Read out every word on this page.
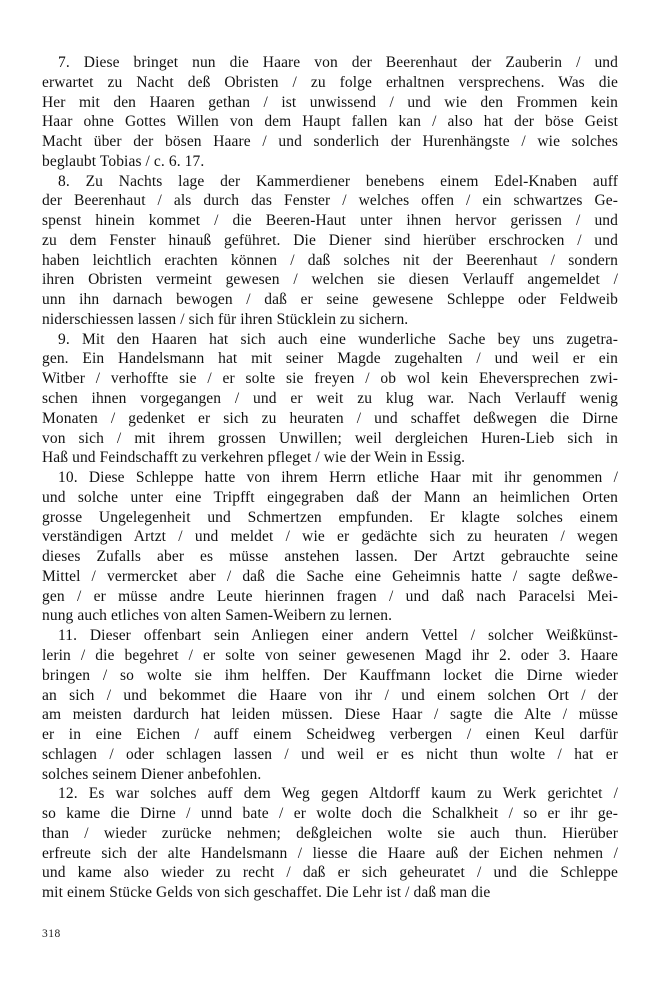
7. Diese bringet nun die Haare von der Beerenhaut der Zauberin / und
erwartet zu Nacht deß Obristen / zu folge erhaltnen versprechens. Was die
Her mit den Haaren gethan / ist unwissend / und wie den Frommen kein
Haar ohne Gottes Willen von dem Haupt fallen kan / also hat der böse Geist
Macht über der bösen Haare / und sonderlich der Hurenhängste / wie solches
beglaubt Tobias / c. 6. 17.
8. Zu Nachts lage der Kammerdiener benebens einem Edel-Knaben auff
der Beerenhaut / als durch das Fenster / welches offen / ein schwartzes Ge-
spenst hinein kommet / die Beeren-Haut unter ihnen hervor gerissen / und
zu dem Fenster hinauß geführet. Die Diener sind hierüber erschrocken / und
haben leichtlich erachten können / daß solches nit der Beerenhaut / sondern
ihren Obristen vermeint gewesen / welchen sie diesen Verlauff angemeldet /
unn ihn darnach bewogen / daß er seine gewesene Schleppe oder Feldweib
niderschiessen lassen / sich für ihren Stücklein zu sichern.
9. Mit den Haaren hat sich auch eine wunderliche Sache bey uns zugetra-
gen. Ein Handelsmann hat mit seiner Magde zugehalten / und weil er ein
Witber / verhoffte sie / er solte sie freyen / ob wol kein Eheversprechen zwi-
schen ihnen vorgegangen / und er weit zu klug war. Nach Verlauff wenig
Monaten / gedenket er sich zu heuraten / und schaffet deßwegen die Dirne
von sich / mit ihrem grossen Unwillen; weil dergleichen Huren-Lieb sich in
Haß und Feindschafft zu verkehren pfleget / wie der Wein in Essig.
10. Diese Schleppe hatte von ihrem Herrn etliche Haar mit ihr genommen /
und solche unter eine Tripfft eingegraben daß der Mann an heimlichen Orten
grosse Ungelegenheit und Schmertzen empfunden. Er klagte solches einem
verständigen Artzt / und meldet / wie er gedächte sich zu heuraten / wegen
dieses Zufalls aber es müsse anstehen lassen. Der Artzt gebrauchte seine
Mittel / vermercket aber / daß die Sache eine Geheimnis hatte / sagte deßwe-
gen / er müsse andre Leute hierinnen fragen / und daß nach Paracelsi Mei-
nung auch etliches von alten Samen-Weibern zu lernen.
11. Dieser offenbart sein Anliegen einer andern Vettel / solcher Weißkünst-
lerin / die begehret / er solte von seiner gewesenen Magd ihr 2. oder 3. Haare
bringen / so wolte sie ihm helffen. Der Kauffmann locket die Dirne wieder
an sich / und bekommet die Haare von ihr / und einem solchen Ort / der
am meisten dardurch hat leiden müssen. Diese Haar / sagte die Alte / müsse
er in eine Eichen / auff einem Scheidweg verbergen / einen Keul darfür
schlagen / oder schlagen lassen / und weil er es nicht thun wolte / hat er
solches seinem Diener anbefohlen.
12. Es war solches auff dem Weg gegen Altdorff kaum zu Werk gerichtet /
so kame die Dirne / unnd bate / er wolte doch die Schalkheit / so er ihr ge-
than / wieder zurücke nehmen; deßgleichen wolte sie auch thun. Hierüber
erfreute sich der alte Handelsmann / liesse die Haare auß der Eichen nehmen /
und kame also wieder zu recht / daß er sich geheuratet / und die Schleppe
mit einem Stücke Gelds von sich geschaffet. Die Lehr ist / daß man die
318
